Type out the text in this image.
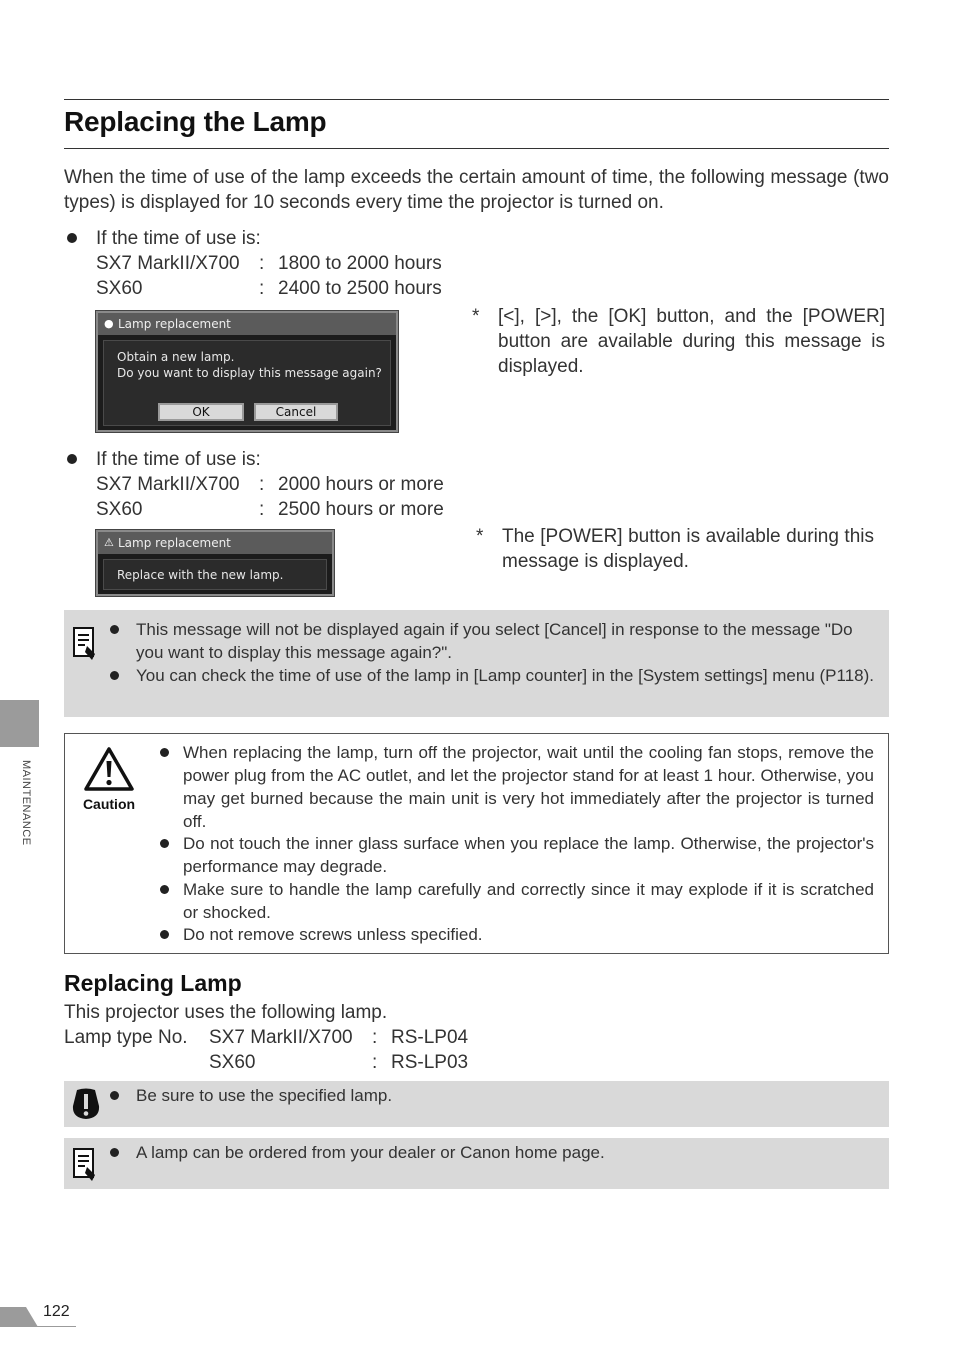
Replacing the Lamp

When the time of use of the lamp exceeds the certain amount of time, the following message (two types) is displayed for 10 seconds every time the projector is turned on.

If the time of use is:
SX7 MarkII/X700 : 1800 to 2000 hours
SX60	: 2400 to 2500 hours
● Lamp replacement
Obtain a new lamp.
Do you want to display this message again?
OK	Cancel
* [<], [>], the [OK] button, and the [POWER] button are available during this message is displayed.
If the time of use is:
SX7 MarkII/X700 : 2000 hours or more
SX60	: 2500 hours or more
⚠ Lamp replacement
Replace with the new lamp.
* The [POWER] button is available during this message is displayed.
This message will not be displayed again if you select [Cancel] in response to the message "Do you want to display this message again?".
You can check the time of use of the lamp in [Lamp counter] in the [System settings] menu (P118).
Caution
When replacing the lamp, turn off the projector, wait until the cooling fan stops, remove the power plug from the AC outlet, and let the projector stand for at least 1 hour. Otherwise, you may get burned because the main unit is very hot immediately after the projector is turned off.
Do not touch the inner glass surface when you replace the lamp. Otherwise, the projector's performance may degrade.
Make sure to handle the lamp carefully and correctly since it may explode if it is scratched or shocked.
Do not remove screws unless specified.
Replacing Lamp
This projector uses the following lamp.
Lamp type No. SX7 MarkII/X700 : RS-LP04
SX60	: RS-LP03
Be sure to use the specified lamp.
A lamp can be ordered from your dealer or Canon home page.
MAINTENANCE
122
